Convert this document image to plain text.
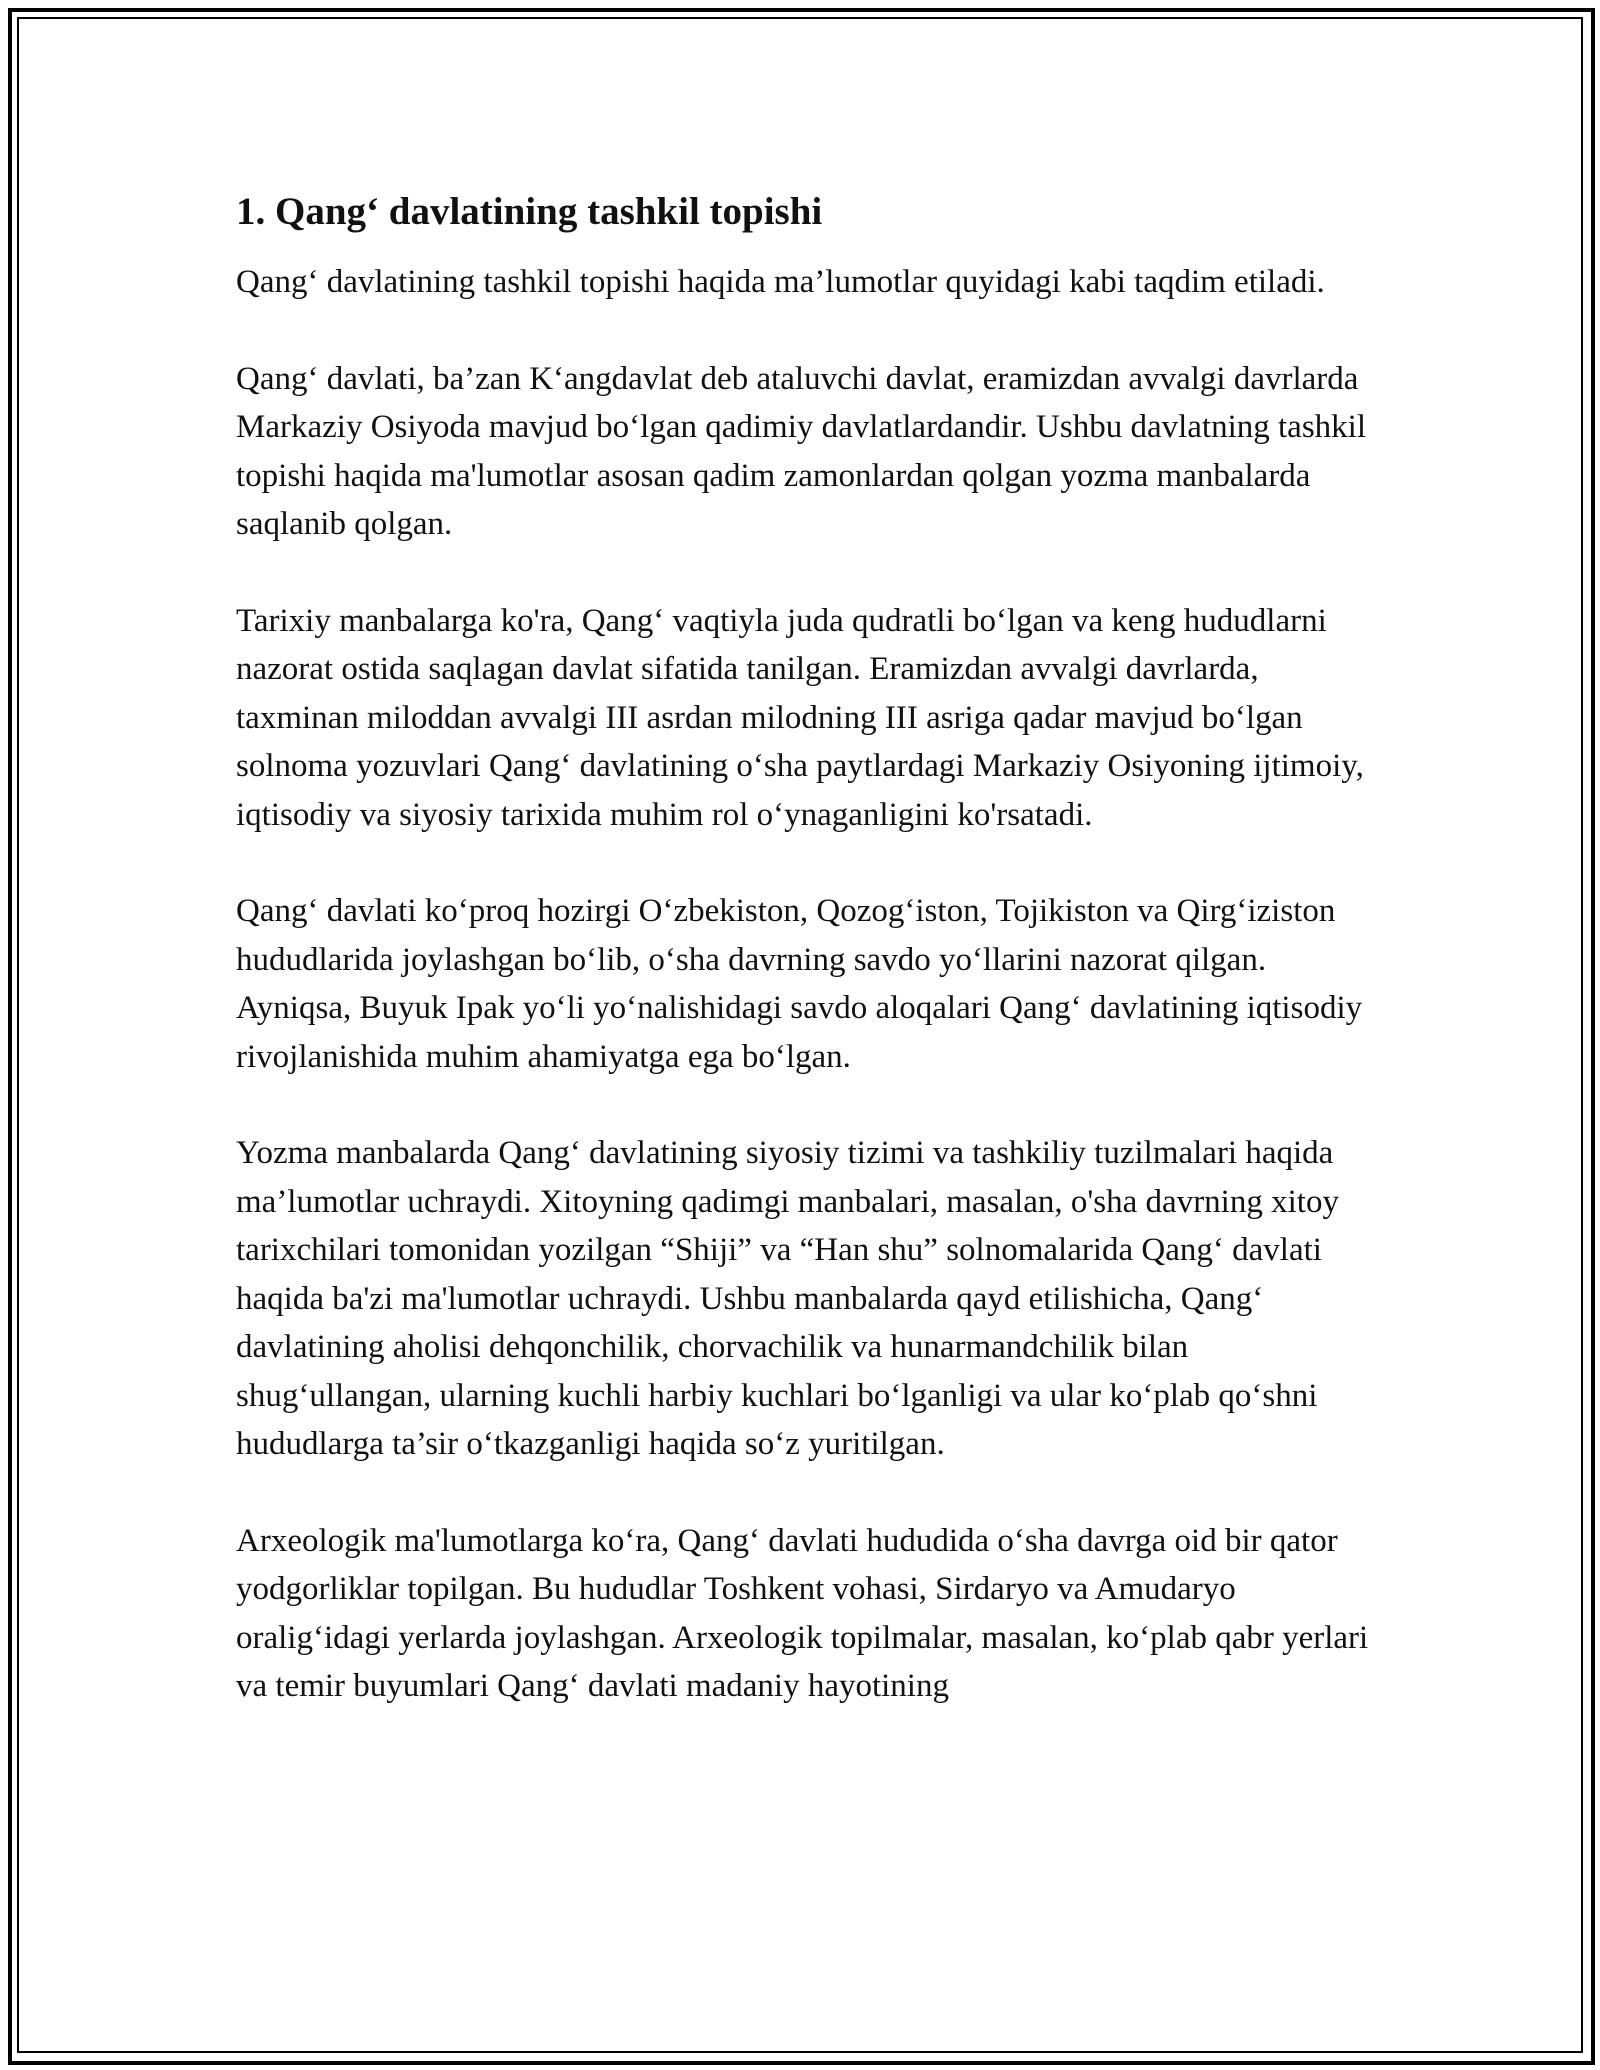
1. Qang‘ davlatining tashkil topishi

Qang‘ davlatining tashkil topishi haqida ma’lumotlar quyidagi kabi taqdim etiladi.

Qang‘ davlati, ba’zan K‘angdavlat deb ataluvchi davlat, eramizdan avvalgi davrlarda Markaziy Osiyoda mavjud bo‘lgan qadimiy davlatlardandir. Ushbu davlatning tashkil topishi haqida ma'lumotlar asosan qadim zamonlardan qolgan yozma manbalarda saqlanib qolgan.

Tarixiy manbalarga ko'ra, Qang‘ vaqtiyla juda qudratli bo‘lgan va keng hududlarni nazorat ostida saqlagan davlat sifatida tanilgan. Eramizdan avvalgi davrlarda, taxminan miloddan avvalgi III asrdan milodning III asriga qadar mavjud bo‘lgan solnoma yozuvlari Qang‘ davlatining o‘sha paytlardagi Markaziy Osiyoning ijtimoiy, iqtisodiy va siyosiy tarixida muhim rol o‘ynaganligini ko'rsatadi.

Qang‘ davlati ko‘proq hozirgi O‘zbekiston, Qozog‘iston, Tojikiston va Qirg‘iziston hududlarida joylashgan bo‘lib, o‘sha davrning savdo yo‘llarini nazorat qilgan. Ayniqsa, Buyuk Ipak yo‘li yo‘nalishidagi savdo aloqalari Qang‘ davlatining iqtisodiy rivojlanishida muhim ahamiyatga ega bo‘lgan.

Yozma manbalarda Qang‘ davlatining siyosiy tizimi va tashkiliy tuzilmalari haqida ma’lumotlar uchraydi. Xitoyning qadimgi manbalari, masalan, o'sha davrning xitoy tarixchilari tomonidan yozilgan “Shiji” va “Han shu” solnomalarida Qang‘ davlati haqida ba'zi ma'lumotlar uchraydi. Ushbu manbalarda qayd etilishicha, Qang‘ davlatining aholisi dehqonchilik, chorvachilik va hunarmandchilik bilan shug‘ullangan, ularning kuchli harbiy kuchlari bo‘lganligi va ular ko‘plab qo‘shni hududlarga ta’sir o‘tkazganligi haqida so‘z yuritilgan.

Arxeologik ma'lumotlarga ko‘ra, Qang‘ davlati hududida o‘sha davrga oid bir qator yodgorliklar topilgan. Bu hududlar Toshkent vohasi, Sirdaryo va Amudaryo oralig‘idagi yerlarda joylashgan. Arxeologik topilmalar, masalan, ko‘plab qabr yerlari va temir buyumlari Qang‘ davlati madaniy hayotining
